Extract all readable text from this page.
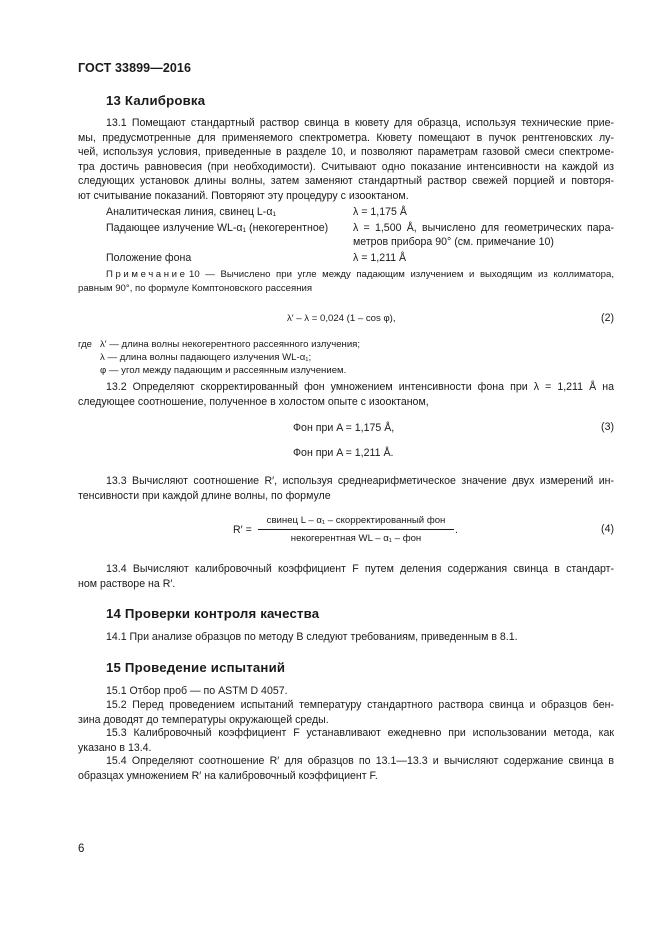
ГОСТ 33899—2016
13 Калибровка
13.1 Помещают стандартный раствор свинца в кювету для образца, используя технические прие-
мы, предусмотренные для применяемого спектрометра. Кювету помещают в пучок рентгеновских лу-
чей, используя условия, приведенные в разделе 10, и позволяют параметрам газовой смеси спектроме-
тра достичь равновесия (при необходимости). Считывают одно показание интенсивности на каждой из
следующих установок длины волны, затем заменяют стандартный раствор свежей порцией и повторя-
ют считывание показаний. Повторяют эту процедуру с изооктаном.
Аналитическая линия, свинец L-α₁	λ = 1,175 Å
Падающее излучение WL-α₁ (некогерентное) λ = 1,500 Å, вычислено для геометрических пара-
метров прибора 90° (см. примечание 10)
Положение фона	λ = 1,211 Å
Примечание 10 — Вычислено при угле между падающим излучением и выходящим из коллиматора,
равным 90°, по формуле Комптоновского рассеяния
λ′ – λ = 0,024 (1 – cos φ),	(2)
где λ′ — длина волны некогерентного рассеянного излучения;
λ — длина волны падающего излучения WL-α₁;
φ — угол между падающим и рассеянным излучением.
13.2 Определяют скорректированный фон умножением интенсивности фона при λ = 1,211 Å на
следующее соотношение, полученное в холостом опыте с изооктаном,
Фон при A = 1,175 Å,	(3)
Фон при A = 1,211 Å.
13.3 Вычисляют соотношение R′, используя среднеарифметическое значение двух измерений ин-
тенсивности при каждой длине волны, по формуле
R′ =
свинец L – α₁ – скорректированный фон
некогерентная WL – α₁ – фон
.	(4)
13.4 Вычисляют калибровочный коэффициент F путем деления содержания свинца в стандарт-
ном растворе на R′.
14 Проверки контроля качества
14.1 При анализе образцов по методу В следуют требованиям, приведенным в 8.1.
15 Проведение испытаний
15.1 Отбор проб — по ASTM D 4057.
15.2 Перед проведением испытаний температуру стандартного раствора свинца и образцов бен-
зина доводят до температуры окружающей среды.
15.3 Калибровочный коэффициент F устанавливают ежедневно при использовании метода, как
указано в 13.4.
15.4 Определяют соотношение R′ для образцов по 13.1—13.3 и вычисляют содержание свинца в
образцах умножением R′ на калибровочный коэффициент F.
6
